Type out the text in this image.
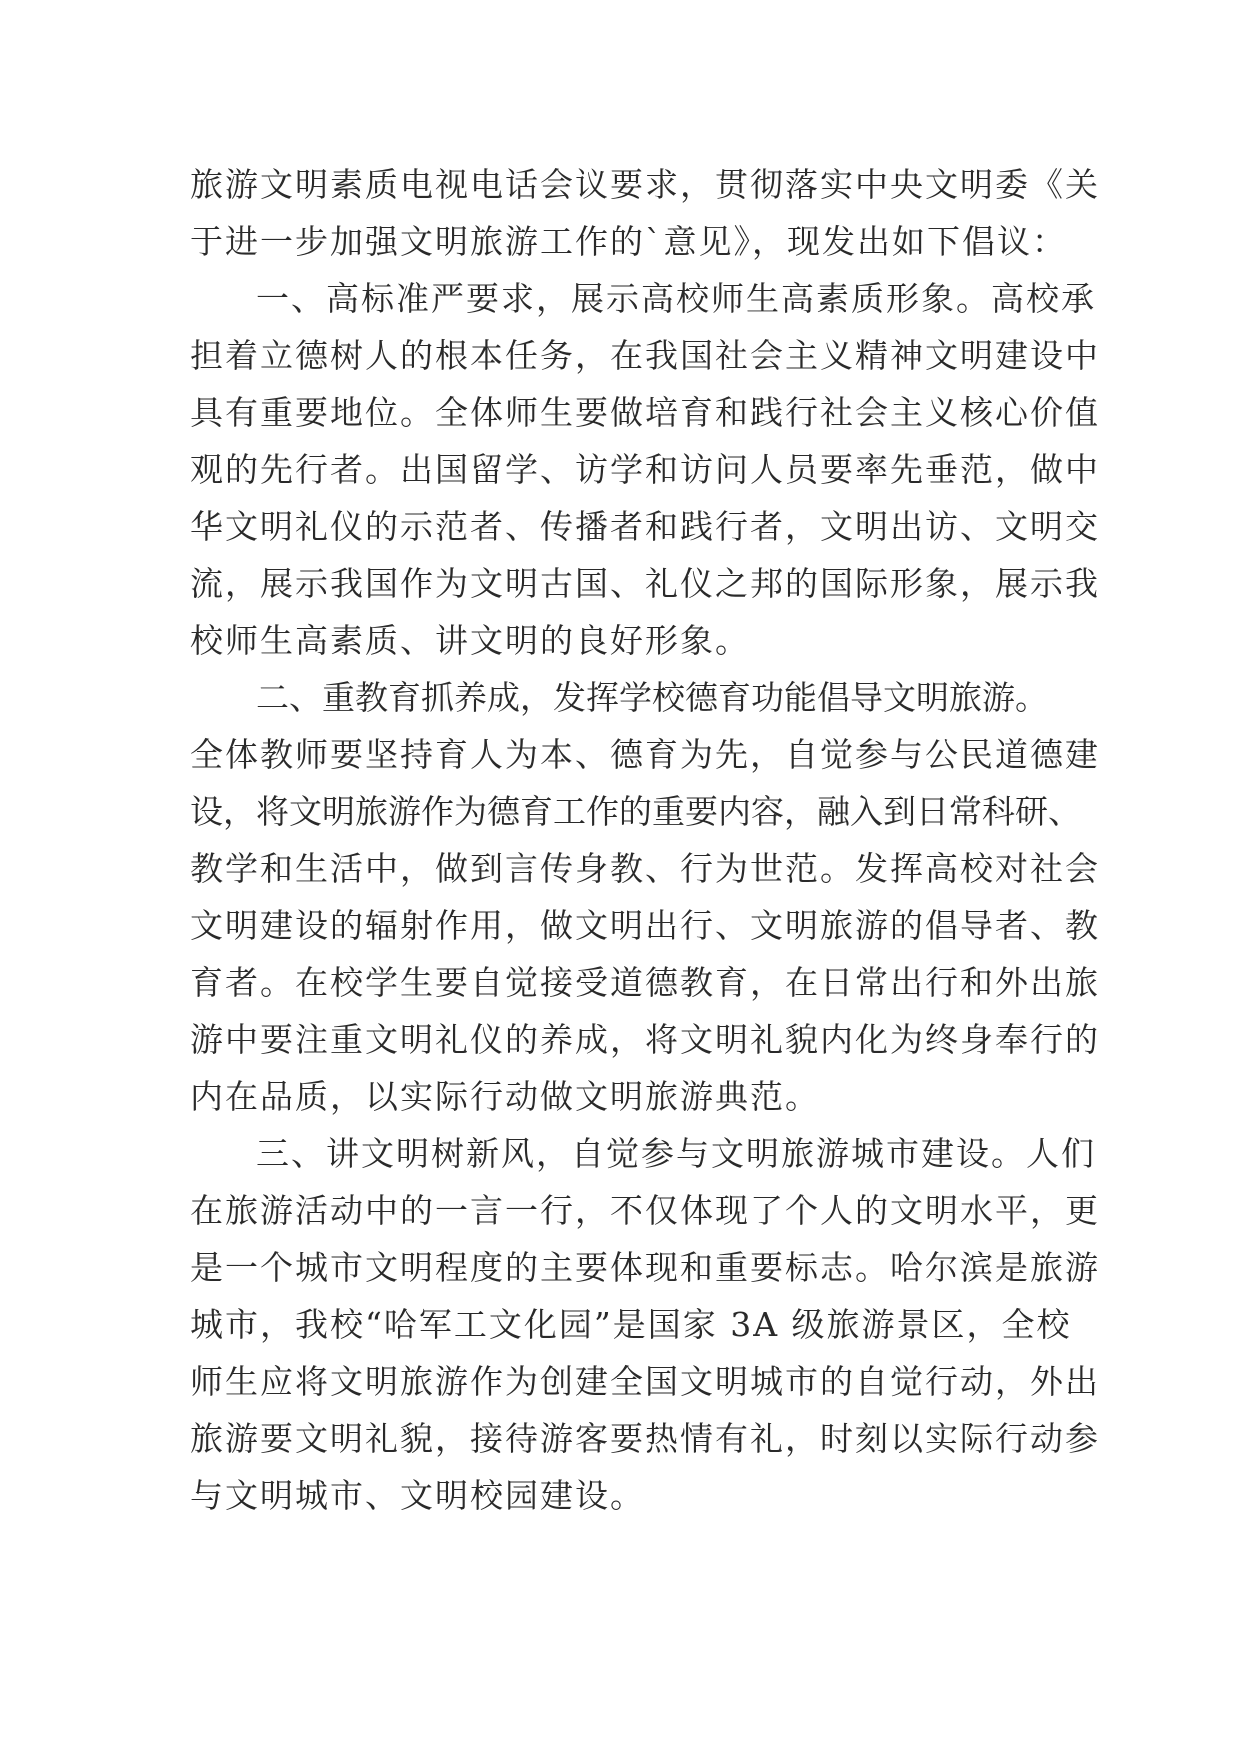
旅游文明素质电视电话会议要求，贯彻落实中央文明委《关
于进一步加强文明旅游工作的`意见》，现发出如下倡议：
一、高标准严要求，展示高校师生高素质形象。高校承
担着立德树人的根本任务，在我国社会主义精神文明建设中
具有重要地位。全体师生要做培育和践行社会主义核心价值
观的先行者。出国留学、访学和访问人员要率先垂范，做中
华文明礼仪的示范者、传播者和践行者，文明出访、文明交
流，展示我国作为文明古国、礼仪之邦的国际形象，展示我
校师生高素质、讲文明的良好形象。
二、重教育抓养成，发挥学校德育功能倡导文明旅游。
全体教师要坚持育人为本、德育为先，自觉参与公民道德建
设，将文明旅游作为德育工作的重要内容，融入到日常科研、
教学和生活中，做到言传身教、行为世范。发挥高校对社会
文明建设的辐射作用，做文明出行、文明旅游的倡导者、教
育者。在校学生要自觉接受道德教育，在日常出行和外出旅
游中要注重文明礼仪的养成，将文明礼貌内化为终身奉行的
内在品质，以实际行动做文明旅游典范。
三、讲文明树新风，自觉参与文明旅游城市建设。人们
在旅游活动中的一言一行，不仅体现了个人的文明水平，更
是一个城市文明程度的主要体现和重要标志。哈尔滨是旅游
城市，我校“哈军工文化园”是国家 3A 级旅游景区，全校
师生应将文明旅游作为创建全国文明城市的自觉行动，外出
旅游要文明礼貌，接待游客要热情有礼，时刻以实际行动参
与文明城市、文明校园建设。
